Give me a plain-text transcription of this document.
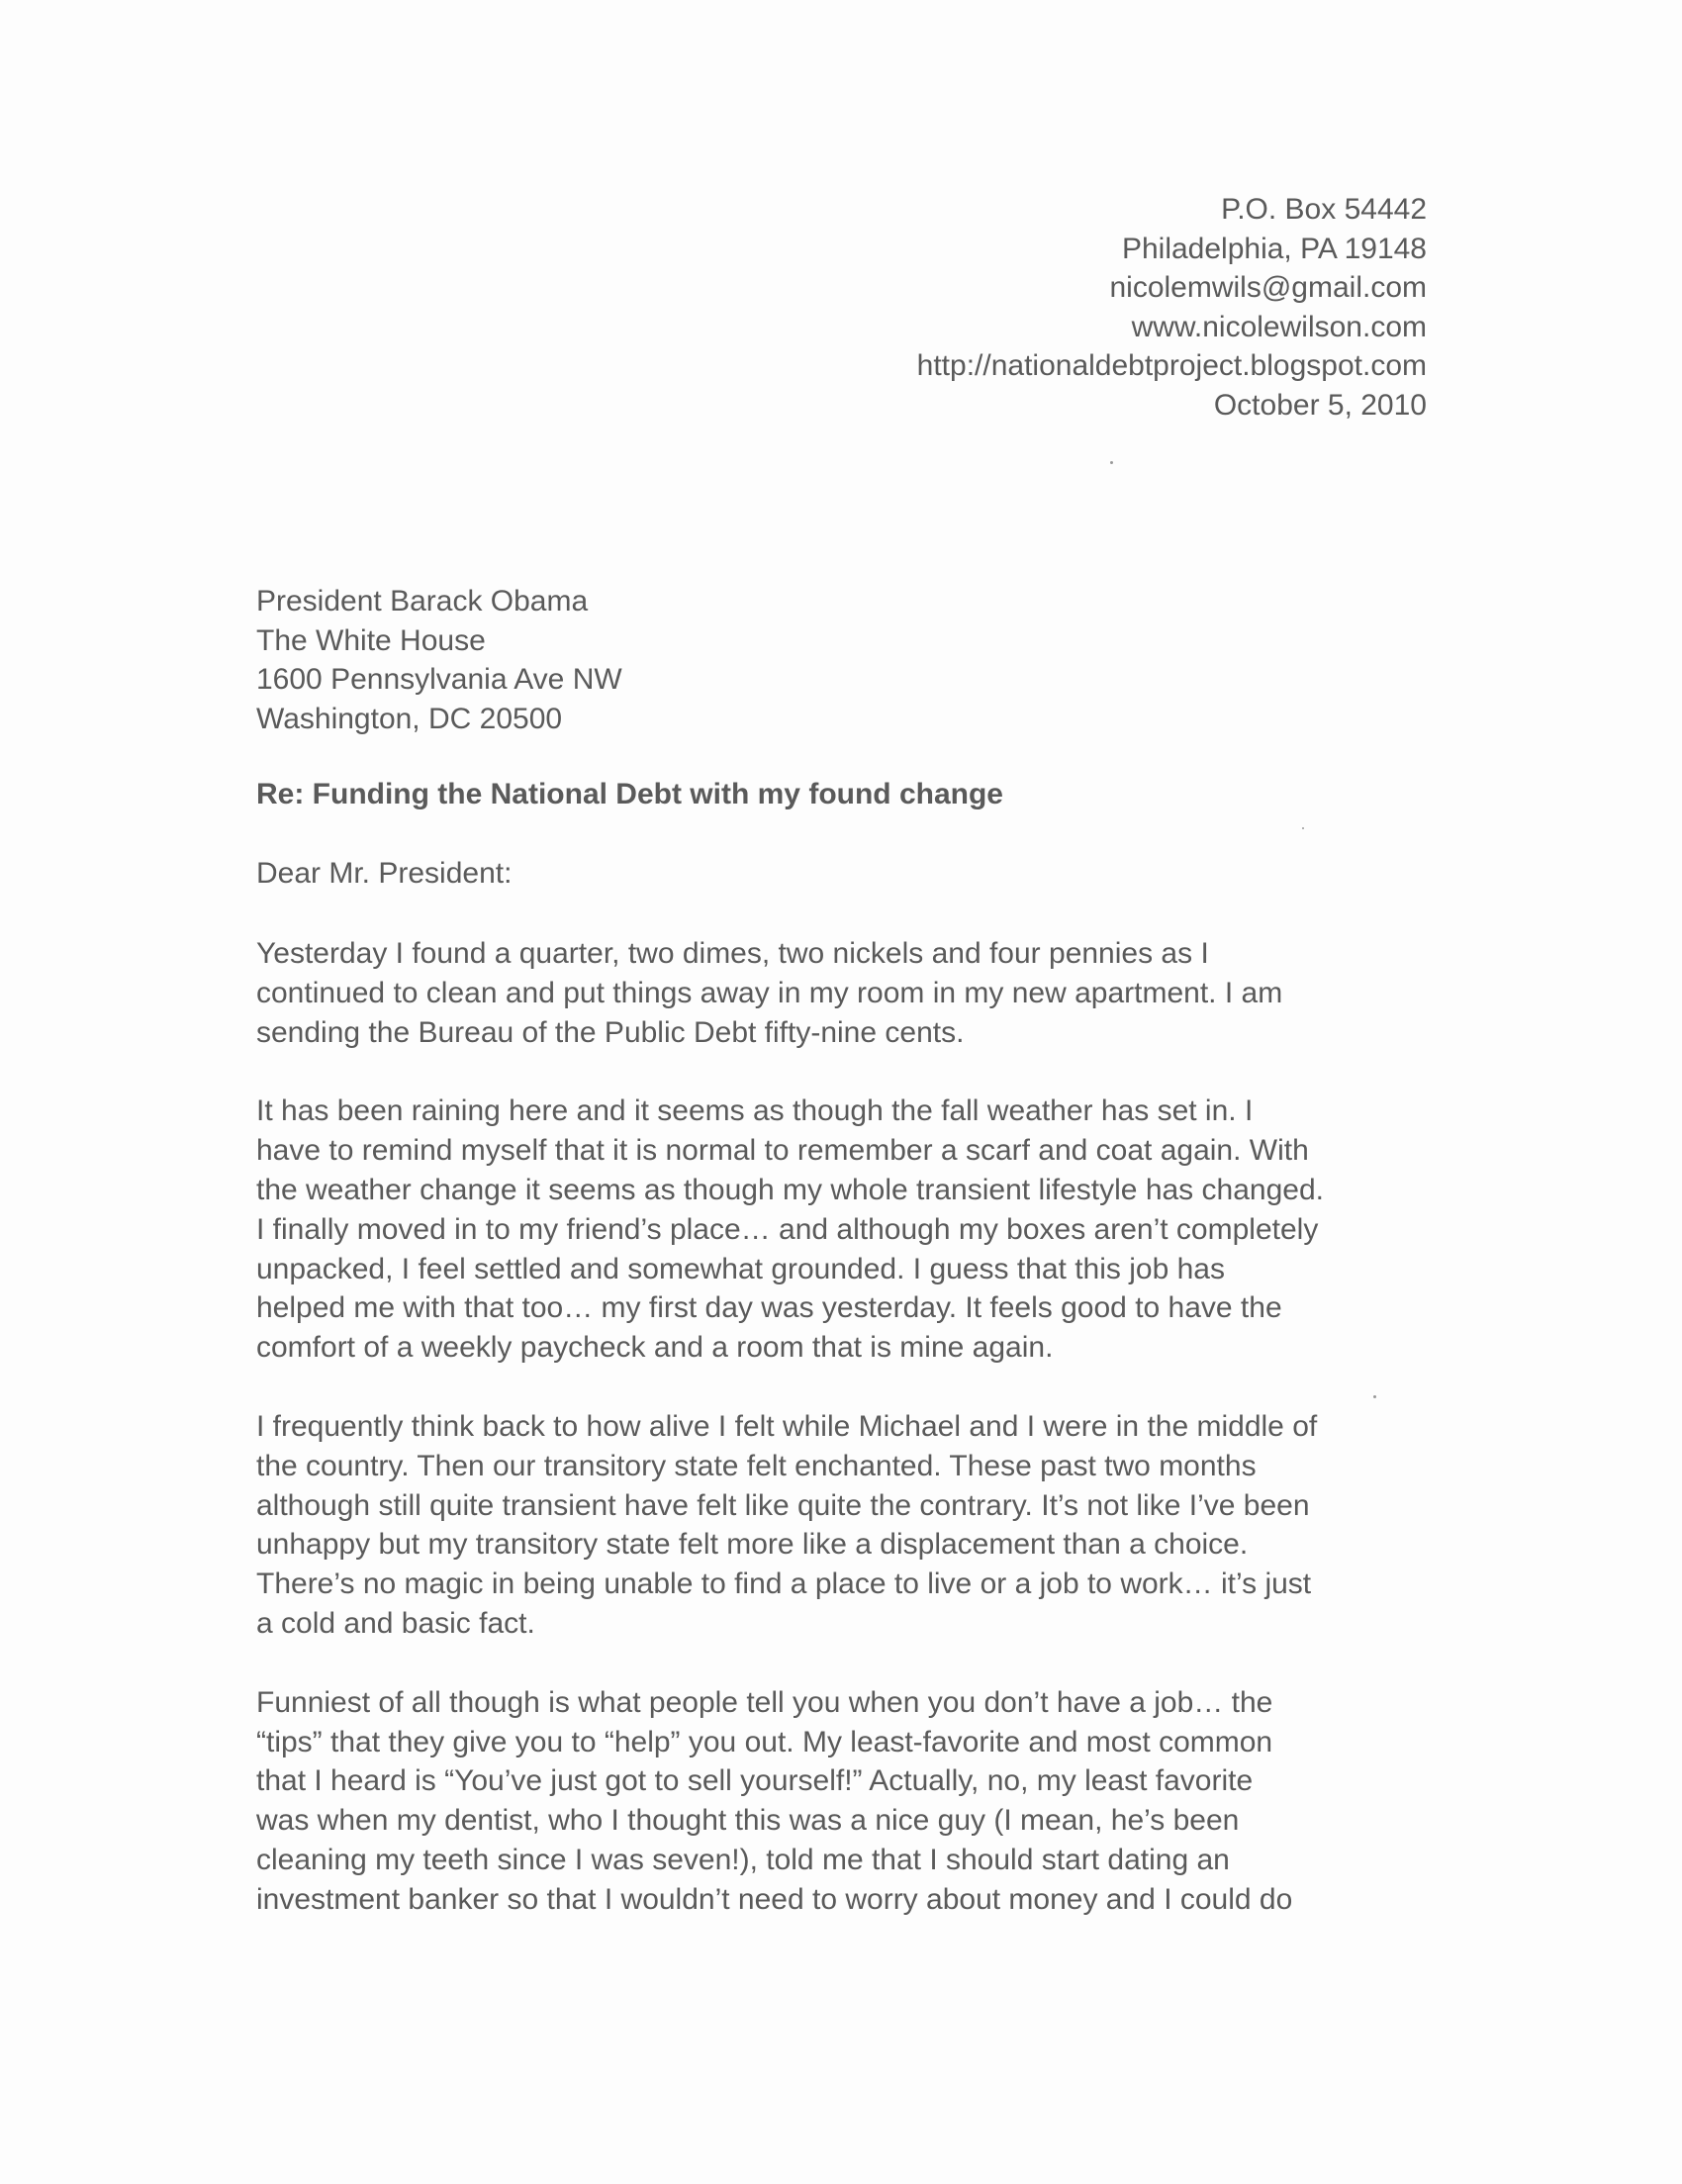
P.O. Box 54442
Philadelphia, PA 19148
nicolemwils@gmail.com
www.nicolewilson.com
http://nationaldebtproject.blogspot.com
October 5, 2010
President Barack Obama
The White House
1600 Pennsylvania Ave NW
Washington, DC 20500
Re: Funding the National Debt with my found change
Dear Mr. President:

Yesterday I found a quarter, two dimes, two nickels and four pennies as I
continued to clean and put things away in my room in my new apartment. I am
sending the Bureau of the Public Debt fifty-nine cents.

It has been raining here and it seems as though the fall weather has set in. I
have to remind myself that it is normal to remember a scarf and coat again. With
the weather change it seems as though my whole transient lifestyle has changed.
I finally moved in to my friend’s place… and although my boxes aren’t completely
unpacked, I feel settled and somewhat grounded. I guess that this job has
helped me with that too… my first day was yesterday. It feels good to have the
comfort of a weekly paycheck and a room that is mine again.

I frequently think back to how alive I felt while Michael and I were in the middle of
the country. Then our transitory state felt enchanted. These past two months
although still quite transient have felt like quite the contrary. It’s not like I’ve been
unhappy but my transitory state felt more like a displacement than a choice.
There’s no magic in being unable to find a place to live or a job to work… it’s just
a cold and basic fact.

Funniest of all though is what people tell you when you don’t have a job… the
“tips” that they give you to “help” you out. My least-favorite and most common
that I heard is “You’ve just got to sell yourself!” Actually, no, my least favorite
was when my dentist, who I thought this was a nice guy (I mean, he’s been
cleaning my teeth since I was seven!), told me that I should start dating an
investment banker so that I wouldn’t need to worry about money and I could do
